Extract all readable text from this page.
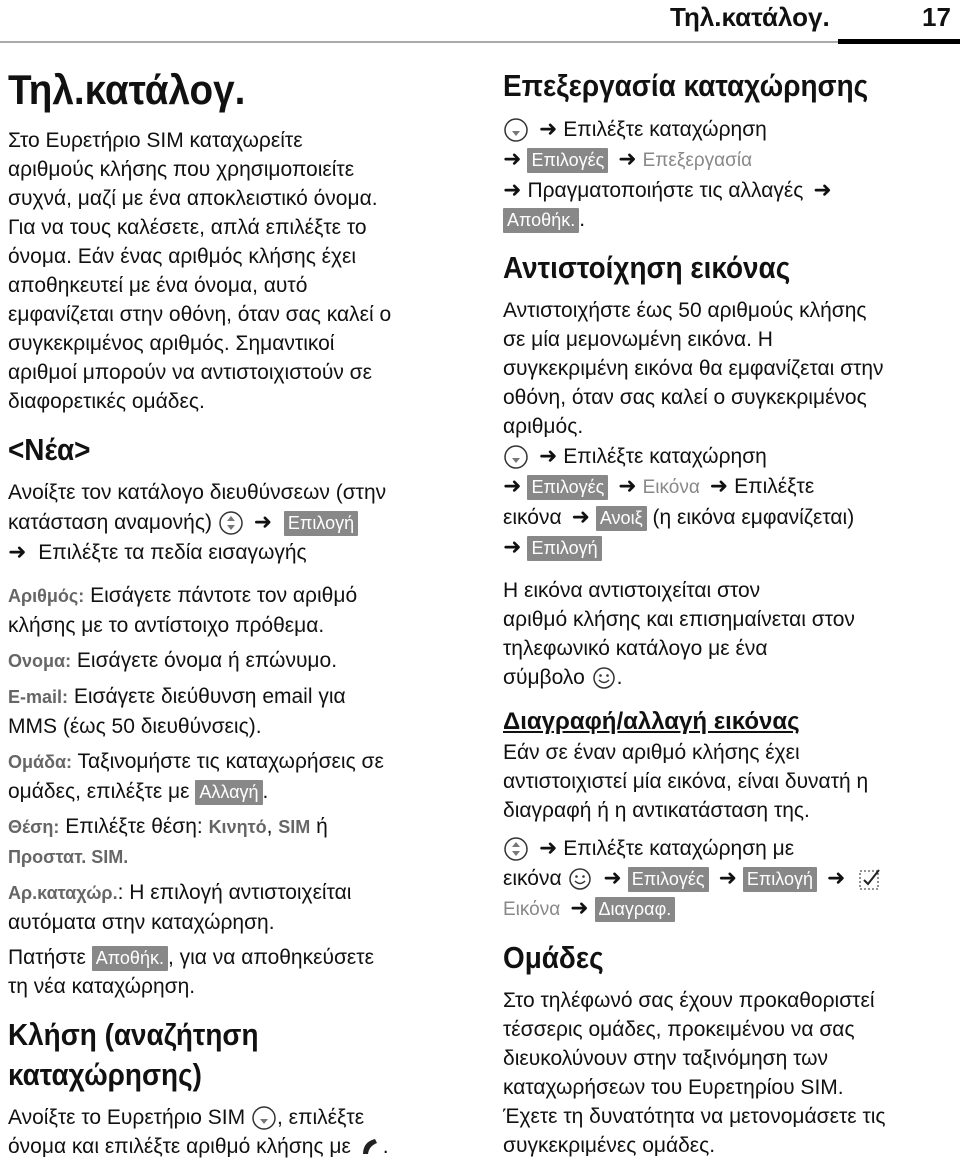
Τηλ.κατάλογ.	17
Τηλ.κατάλογ.
Στο Ευρετήριο SIM καταχωρείτε
αριθμούς κλήσης που χρησιμοποιείτε
συχνά, μαζί με ένα αποκλειστικό όνομα.
Για να τους καλέσετε, απλά επιλέξτε το
όνομα. Εάν ένας αριθμός κλήσης έχει
αποθηκευτεί με ένα όνομα, αυτό
εμφανίζεται στην οθόνη, όταν σας καλεί ο
συγκεκριμένος αριθμός. Σημαντικοί
αριθμοί μπορούν να αντιστοιχιστούν σε
διαφορετικές ομάδες.
<Νέα>
Ανοίξτε τον κατάλογο διευθύνσεων (στην
κατάσταση αναμονής) ➜ Επιλογή
➜ Επιλέξτε τα πεδία εισαγωγής
Αριθμός: Εισάγετε πάντοτε τον αριθμό
κλήσης με το αντίστοιχο πρόθεμα.
Ονομα: Εισάγετε όνομα ή επώνυμο.
E-mail: Εισάγετε διεύθυνση email για
MMS (έως 50 διευθύνσεις).
Ομάδα: Ταξινομήστε τις καταχωρήσεις σε
ομάδες, επιλέξτε με Αλλαγή .
Θέση: Επιλέξτε θέση: Κινητό, SIM ή
Προσταт. SIM.
Αρ.καταχώρ.: Η επιλογή αντιστοιχείται
αυτόματα στην καταχώρηση.
Πατήστε Αποθήκ. , για να αποθηκεύσετε
τη νέα καταχώρηση.
Κλήση (αναζήτηση
καταχώρησης)
Ανοίξτε το Ευρετήριο SIM , επιλέξτε
όνομα και επιλέξτε αριθμό κλήσης με .
Επεξεργασία καταχώρησης
➜ Επιλέξτε καταχώρηση
➜ Επιλογές ➜ Επεξεργασία
➜ Πραγματοποιήστε τις αλλαγές ➜
Αποθήκ. .
Αντιστοίχηση εικόνας
Αντιστοιχήστε έως 50 αριθμούς κλήσης
σε μία μεμονωμένη εικόνα. Η
συγκεκριμένη εικόνα θα εμφανίζεται στην
οθόνη, όταν σας καλεί ο συγκεκριμένος
αριθμός.
➜ Επιλέξτε καταχώρηση
➜ Επιλογές ➜ Εικόνα ➜ Επιλέξτε
εικόνα ➜ Ανοιξ (η εικόνα εμφανίζεται)
➜ Επιλογή
Η εικόνα αντιστοιχείται στον
αριθμό κλήσης και επισημαίνεται στον
τηλεφωνικό κατάλογο με ένα
σύμβολο .
Διαγραφή/αλλαγή εικόνας
Εάν σε έναν αριθμό κλήσης έχει
αντιστοιχιστεί μία εικόνα, είναι δυνατή η
διαγραφή ή η αντικατάσταση της.
➜ Επιλέξτε καταχώρηση με
εικόνα ➜ Επιλογές ➜ Επιλογή ➜
Εικόνα ➜ Διαγραφ.
Ομάδες
Στο τηλέφωνό σας έχουν προκαθοριστεί
τέσσερις ομάδες, προκειμένου να σας
διευκολύνουν στην ταξινόμηση των
καταχωρήσεων του Ευρετηρίου SIM.
Έχετε τη δυνατότητα να μετονομάσετε τις
συγκεκριμένες ομάδες.
